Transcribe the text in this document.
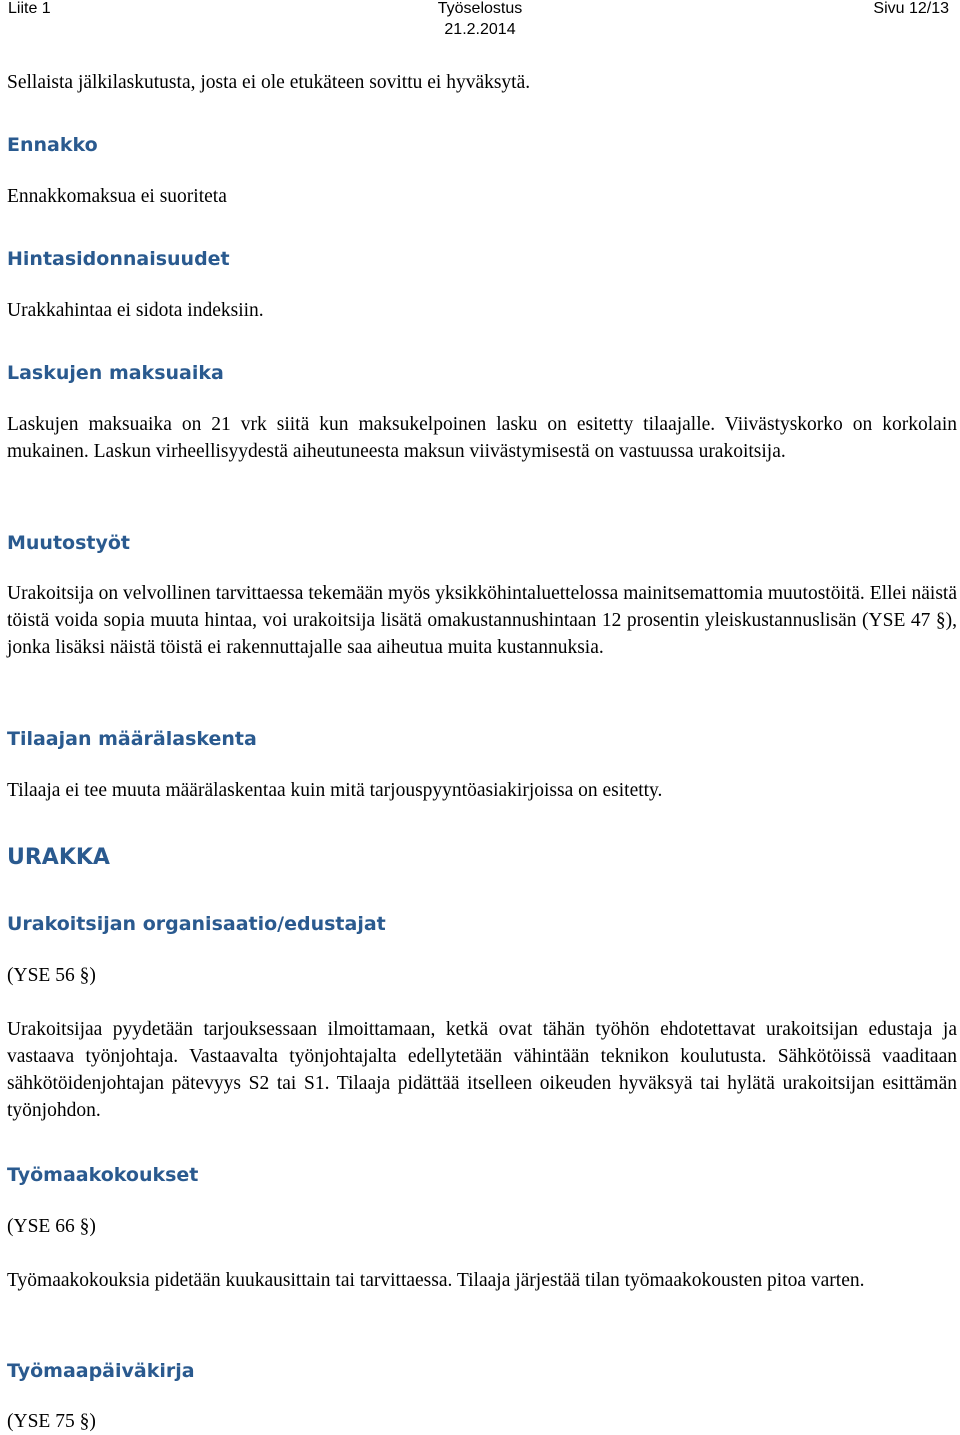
Liite 1	Työselostus	Sivu 12/13
21.2.2014

Sellaista jälkilaskutusta, josta ei ole etukäteen sovittu ei hyväksytä.

Ennakko

Ennakkomaksua ei suoriteta

Hintasidonnaisuudet

Urakkahintaa ei sidota indeksiin.

Laskujen maksuaika

Laskujen maksuaika on 21 vrk siitä kun maksukelpoinen lasku on esitetty tilaajalle. Viivästyskorko on korkolain mukainen. Laskun virheellisyydestä aiheutuneesta maksun viivästymisestä on vastuussa urakoitsija.

Muutostyöt

Urakoitsija on velvollinen tarvittaessa tekemään myös yksikköhintaluettelossa mainitsemattomia muutostöitä. Ellei näistä töistä voida sopia muuta hintaa, voi urakoitsija lisätä omakustannushintaan 12 prosentin yleiskustannuslisän (YSE 47 §), jonka lisäksi näistä töistä ei rakennuttajalle saa aiheutua muita kustannuksia.

Tilaajan määrälaskenta

Tilaaja ei tee muuta määrälaskentaa kuin mitä tarjouspyyntöasiakirjoissa on esitetty.

URAKKA
Urakoitsijan organisaatio/edustajat

(YSE 56 §)

Urakoitsijaa pyydetään tarjouksessaan ilmoittamaan, ketkä ovat tähän työhön ehdotettavat urakoitsijan edustaja ja vastaava työnjohtaja. Vastaavalta työnjohtajalta edellytetään vähintään teknikon koulutusta. Sähkötöissä vaaditaan sähkötöidenjohtajan pätevyys S2 tai S1. Tilaaja pidättää itselleen oikeuden hyväksyä tai hylätä urakoitsijan esittämän työnjohdon.

Työmaakokoukset

(YSE 66 §)

Työmaakokouksia pidetään kuukausittain tai tarvittaessa. Tilaaja järjestää tilan työmaakokousten pitoa varten.

Työmaapäiväkirja

(YSE 75 §)
